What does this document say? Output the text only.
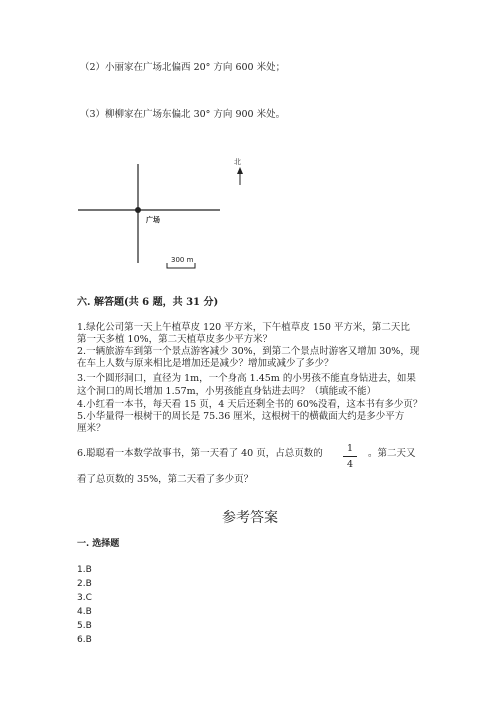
（2）小丽家在广场北偏西 20° 方向 600 米处；
（3）柳柳家在广场东偏北 30° 方向 900 米处。
北
广场
300 m
六. 解答题(共 6 题，共 31 分)
1.绿化公司第一天上午植草皮 120 平方米，下午植草皮 150 平方米，第二天比
第一天多植 10%，第二天植草皮多少平方米？
2.一辆旅游车到第一个景点游客减少 30%，到第二个景点时游客又增加 30%，现
在车上人数与原来相比是增加还是减少？增加或减少了多少？
3.一个圆形洞口，直径为 1m，一个身高 1.45m 的小男孩不能直身钻进去，如果
这个洞口的周长增加 1.57m，小男孩能直身钻进去吗？（填能或不能）
4.小红看一本书，每天看 15 页，4 天后还剩全书的 60%没看，这本书有多少页？
5.小华量得一根树干的周长是 75.36 厘米，这根树干的横截面大约是多少平方
厘米？
6.聪聪看一本数学故事书，第一天看了 40 页，占总页数的	1
4
。第二天又
看了总页数的 35%，第二天看了多少页？
参考答案
一. 选择题
1.B
2.B
3.C
4.B
5.B
6.B
